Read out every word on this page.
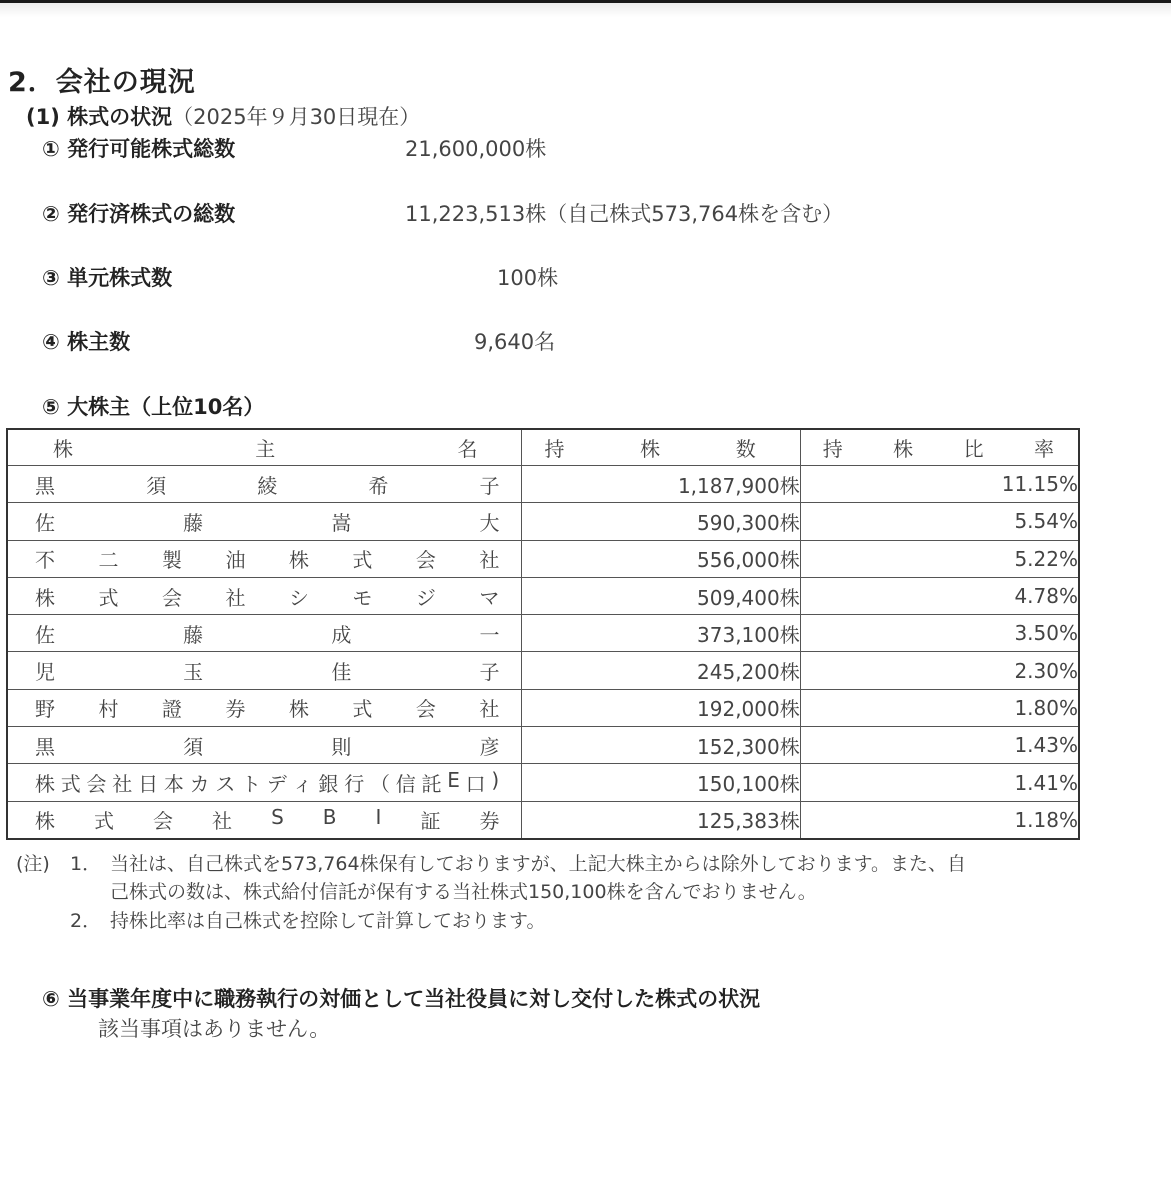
2．会社の現況
(1) 株式の状況（2025年９月30日現在）
① 発行可能株式総数	21,600,000株
② 発行済株式の総数	11,223,513株（自己株式573,764株を含む）
③ 単元株式数	100株
④ 株主数	9,640名
⑤ 大株主（上位10名）
株 主 名	持 株 数	持 株 比 率

黒 須 綾 希 子	1,187,900株	11.15%

佐 藤 嵩 大	590,300株	5.54%

不 二 製 油 株 式 会 社	556,000株	5.22%

株 式 会 社 シ モ ジ マ	509,400株	4.78%

佐 藤 成 一	373,100株	3.50%

児 玉 佳 子	245,200株	2.30%

野 村 證 券 株 式 会 社	192,000株	1.80%

黒 須 則 彦	152,300株	1.43%

株 式 会 社 日 本 カ ス ト デ ィ 銀 行 （ 信 託 E 口 )	150,100株	1.41%

株 式 会 社 S B I 証 券	125,383株	1.18%
(注) 1． 当社は、自己株式を573,764株保有しておりますが、上記大株主からは除外しております。また、自
己株式の数は、株式給付信託が保有する当社株式150,100株を含んでおりません。
2． 持株比率は自己株式を控除して計算しております。
⑥ 当事業年度中に職務執行の対価として当社役員に対し交付した株式の状況
該当事項はありません。
